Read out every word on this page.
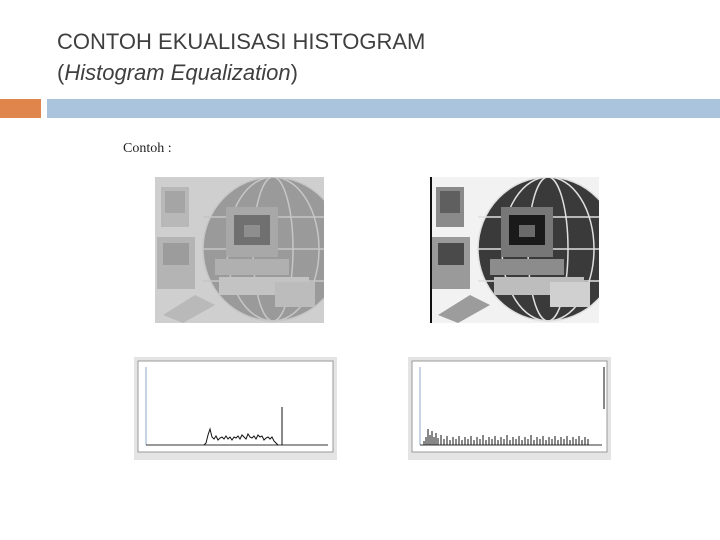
CONTOH EKUALISASI HISTOGRAM
(Histogram Equalization)
Contoh :
